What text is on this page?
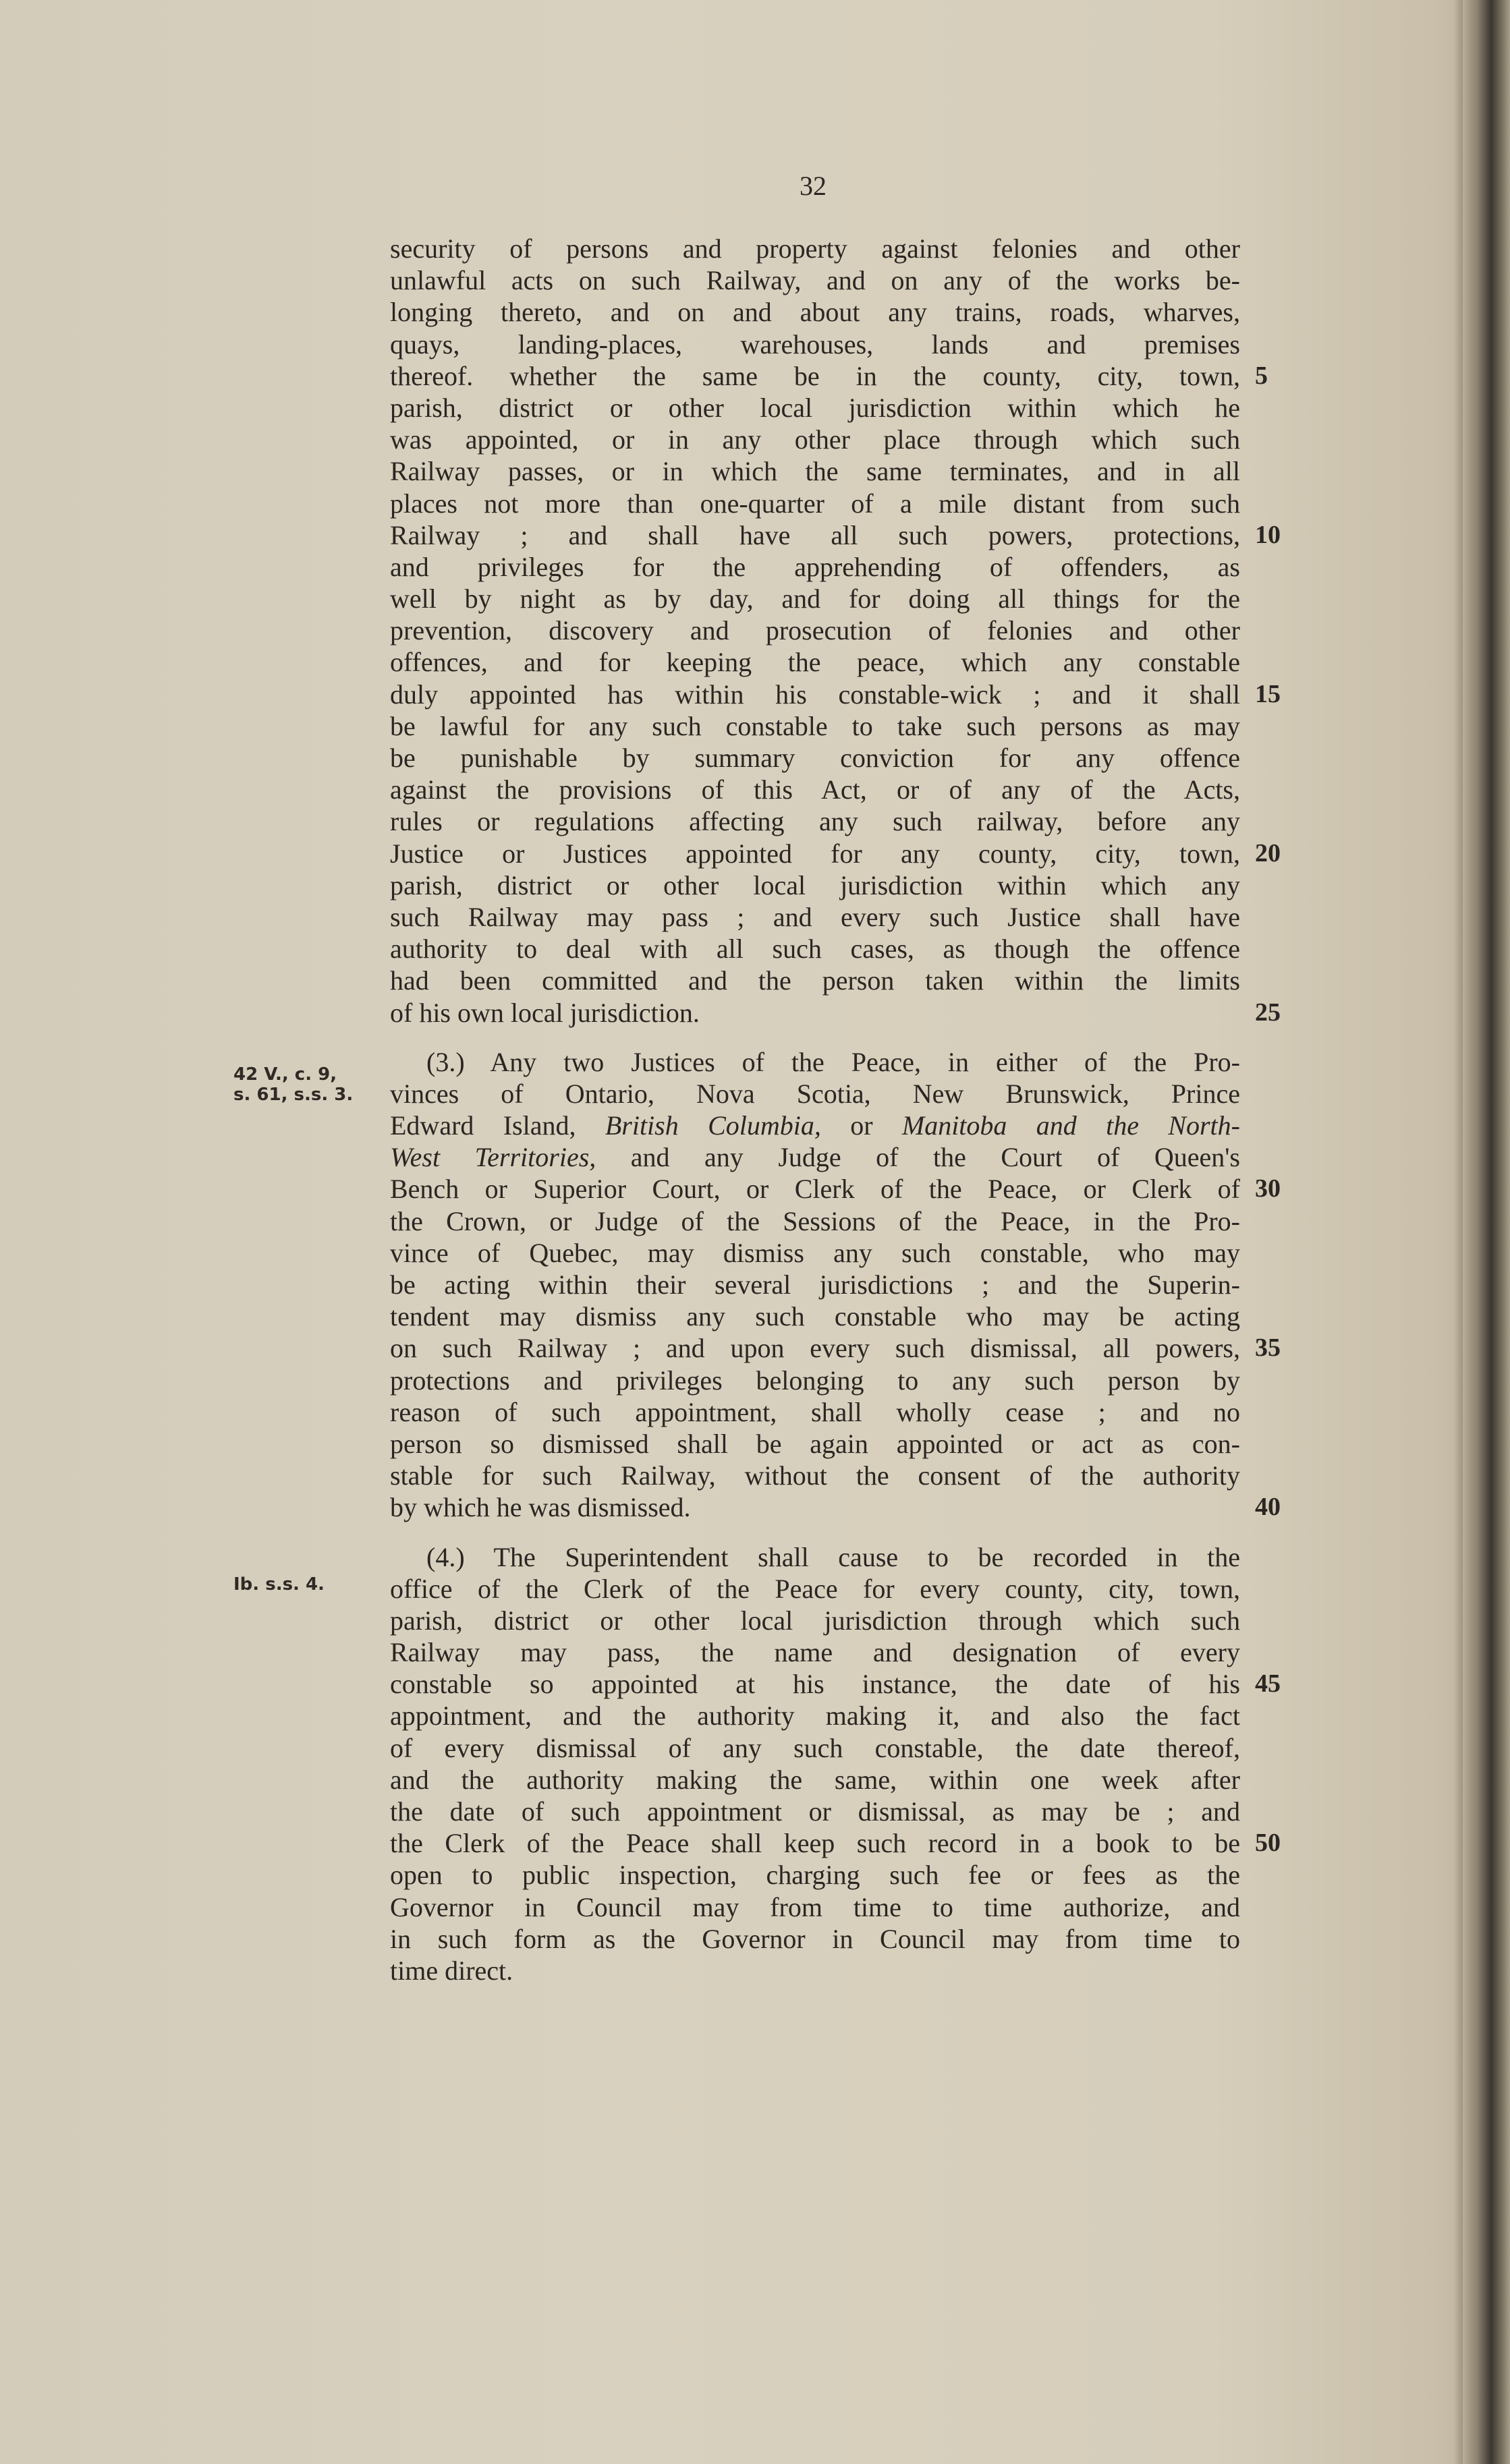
32
42 V., c. 9,
s. 61, s.s. 3.
Ib. s.s. 4.
security of persons and property against felonies and other
unlawful acts on such Railway, and on any of the works be-
longing thereto, and on and about any trains, roads, wharves,
quays, landing-places, warehouses, lands and premises
thereof. whether the same be in the county, city, town, 5
parish, district or other local jurisdiction within which he
was appointed, or in any other place through which such
Railway passes, or in which the same terminates, and in all
places not more than one-quarter of a mile distant from such
Railway ; and shall have all such powers, protections, 10
and privileges for the apprehending of offenders, as
well by night as by day, and for doing all things for the
prevention, discovery and prosecution of felonies and other
offences, and for keeping the peace, which any constable
duly appointed has within his constable-wick ; and it shall 15
be lawful for any such constable to take such persons as may
be punishable by summary conviction for any offence
against the provisions of this Act, or of any of the Acts,
rules or regulations affecting any such railway, before any
Justice or Justices appointed for any county, city, town, 20
parish, district or other local jurisdiction within which any
such Railway may pass ; and every such Justice shall have
authority to deal with all such cases, as though the offence
had been committed and the person taken within the limits
of his own local jurisdiction.	25
(3.) Any two Justices of the Peace, in either of the Pro-
vinces of Ontario, Nova Scotia, New Brunswick, Prince
Edward Island, British Columbia, or Manitoba and the North-
West Territories, and any Judge of the Court of Queen's
Bench or Superior Court, or Clerk of the Peace, or Clerk of 30
the Crown, or Judge of the Sessions of the Peace, in the Pro-
vince of Quebec, may dismiss any such constable, who may
be acting within their several jurisdictions ; and the Superin-
tendent may dismiss any such constable who may be acting
on such Railway ; and upon every such dismissal, all powers, 35
protections and privileges belonging to any such person by
reason of such appointment, shall wholly cease ; and no
person so dismissed shall be again appointed or act as con-
stable for such Railway, without the consent of the authority
by which he was dismissed.	40
(4.) The Superintendent shall cause to be recorded in the
office of the Clerk of the Peace for every county, city, town,
parish, district or other local jurisdiction through which such
Railway may pass, the name and designation of every
constable so appointed at his instance, the date of his 45
appointment, and the authority making it, and also the fact
of every dismissal of any such constable, the date thereof,
and the authority making the same, within one week after
the date of such appointment or dismissal, as may be ; and
the Clerk of the Peace shall keep such record in a book to be 50
open to public inspection, charging such fee or fees as the
Governor in Council may from time to time authorize, and
in such form as the Governor in Council may from time to
time direct.
